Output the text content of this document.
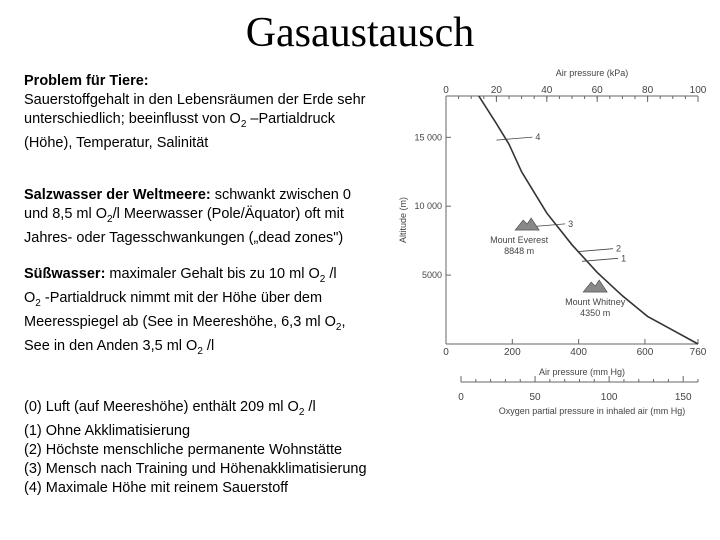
Gasaustausch
Problem für Tiere:
Sauerstoffgehalt in den Lebensräumen der Erde sehr
unterschiedlich; beeinflusst von $O_2$ –Partialdruck
(Höhe), Temperatur, Salinität
Salzwasser der Weltmeere: schwankt zwischen 0
und 8,5 ml $O_2/l$ Meerwasser (Pole/Äquator) oft mit
Jahres- oder Tagesschwankungen („dead zones")
Süßwasser: maximaler Gehalt bis zu 10 ml $O_2$ /l
$O_2$ -Partialdruck nimmt mit der Höhe über dem
Meeresspiegel ab (See in Meereshöhe, 6,3 ml $O_2$,
See in den Anden 3,5 ml $O_2$ /l
(0) Luft (auf Meereshöhe) enthält 209 ml $O_2$ /l
(1) Ohne Akklimatisierung
(2) Höchste menschliche permanente Wohnstätte
(3) Mensch nach Training und Höhenakklimatisierung
(4) Maximale Höhe mit reinem Sauerstoff
Air pressure (kPa)
0	20	40	60	80	100
5000
10 000
15 000
Altitude (m)
0	200	400	600	760
Air pressure (mm Hg)
0	50	100	150
Oxygen partial pressure in inhaled air (mm Hg)
4
3
2
1
Mount Everest
8848 m
Mount Whitney
4350 m
